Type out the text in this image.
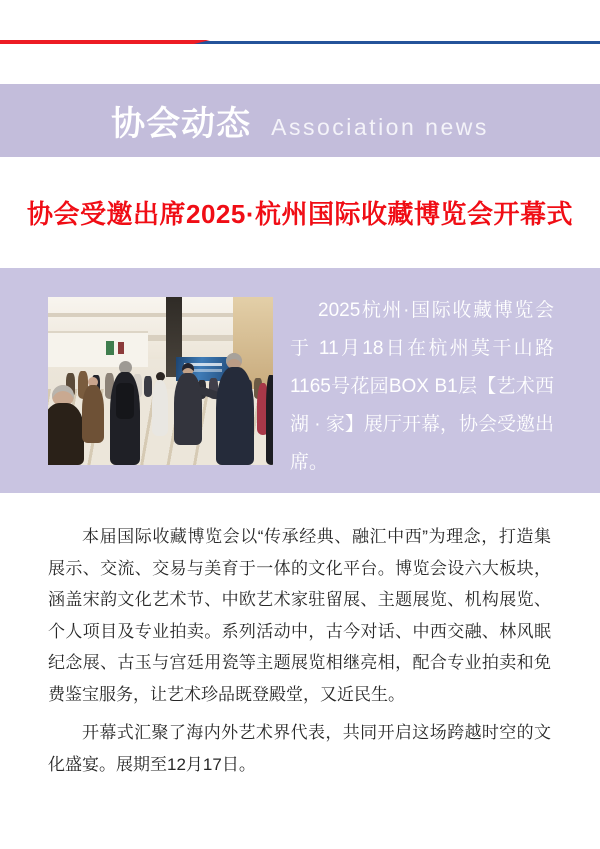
协会动态 Association news
协会受邀出席2025·杭州国际收藏博览会开幕式
2025杭州·国际收藏博览会于 11月18日在杭州莫干山路1165号花园BOX B1层【艺术西湖 · 家】展厅开幕，协会受邀出席。

本届国际收藏博览会以“传承经典、融汇中西”为理念，打造集展示、交流、交易与美育于一体的文化平台。博览会设六大板块，涵盖宋韵文化艺术节、中欧艺术家驻留展、主题展览、机构展览、个人项目及专业拍卖。系列活动中，古今对话、中西交融、林风眠纪念展、古玉与宫廷用瓷等主题展览相继亮相，配合专业拍卖和免费鉴宝服务，让艺术珍品既登殿堂，又近民生。

开幕式汇聚了海内外艺术界代表，共同开启这场跨越时空的文化盛宴。展期至12月17日。
